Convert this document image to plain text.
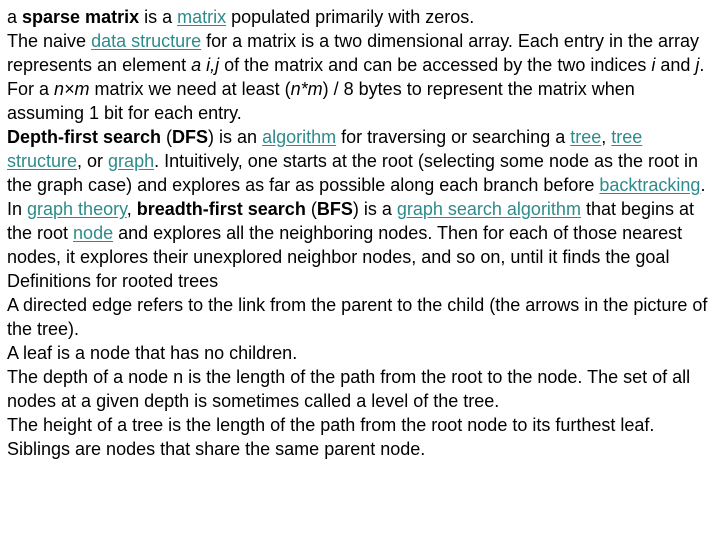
a sparse matrix is a matrix populated primarily with zeros.

The naive data structure for a matrix is a two dimensional array. Each entry in the array represents an element a i,j of the matrix and can be accessed by the two indices i and j. For a n×m matrix we need at least (n*m) / 8 bytes to represent the matrix when assuming 1 bit for each entry.

Depth-first search (DFS) is an algorithm for traversing or searching a tree, tree structure, or graph. Intuitively, one starts at the root (selecting some node as the root in the graph case) and explores as far as possible along each branch before backtracking.

In graph theory, breadth-first search (BFS) is a graph search algorithm that begins at the root node and explores all the neighboring nodes. Then for each of those nearest nodes, it explores their unexplored neighbor nodes, and so on, until it finds the goal

Definitions for rooted trees

A directed edge refers to the link from the parent to the child (the arrows in the picture of the tree).

A leaf is a node that has no children.

The depth of a node n is the length of the path from the root to the node. The set of all nodes at a given depth is sometimes called a level of the tree.

The height of a tree is the length of the path from the root node to its furthest leaf.

Siblings are nodes that share the same parent node.
